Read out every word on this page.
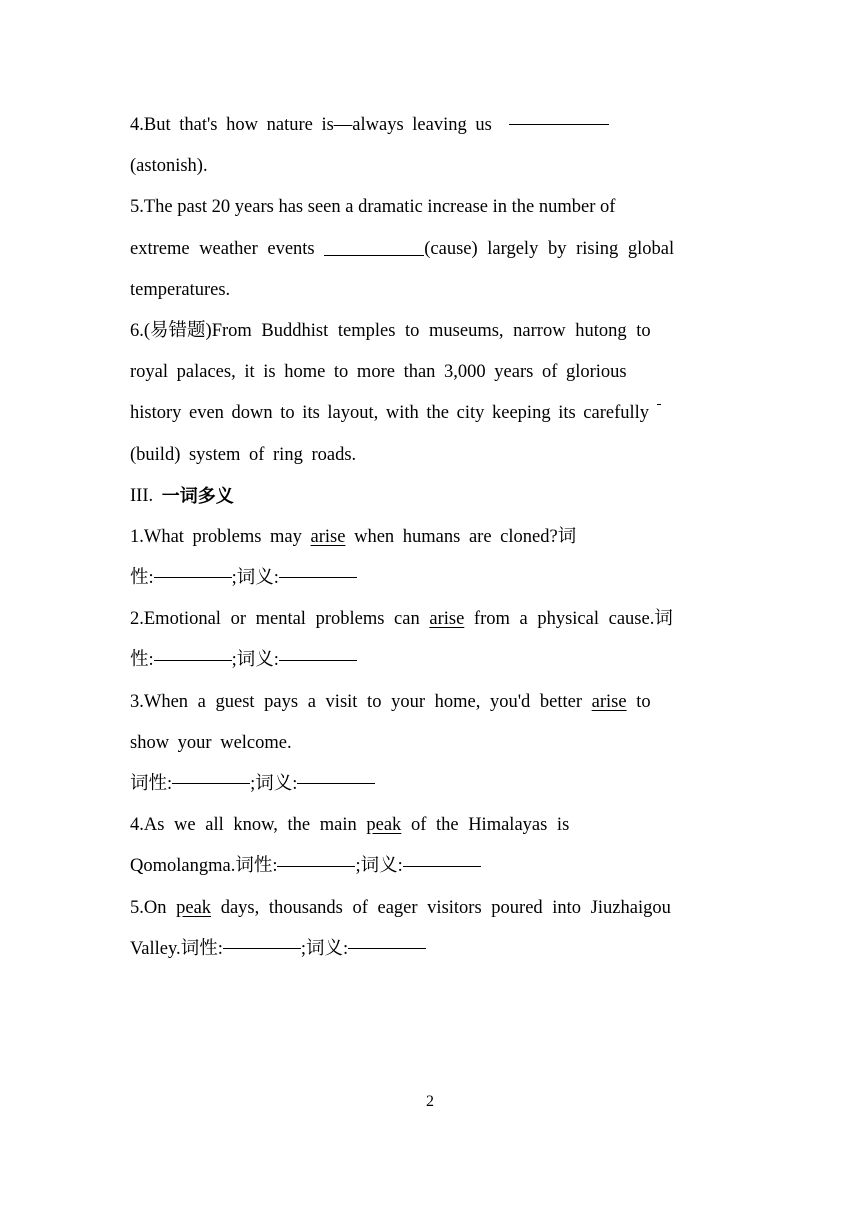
4. But that's how nature is—always leaving us

(astonish).
5.The past 20 years has seen a dramatic increase in the number of
extreme weather events	(cause) largely by rising global
temperatures.
6.(易错题)From Buddhist temples to museums, narrow hutong to
royal palaces, it is home to more than 3,000 years of glorious
history even down to its layout, with the city keeping its carefully
(build) system of ring roads.
III.
一词多义
1.What problems may arise when humans are cloned?词
性:	;词义:
2.Emotional or mental problems can arise from a physical cause.词
性:	;词义:
3.When a guest pays a visit to your home, you'd better arise to
show your welcome.
词性:	;词义:
4.As we all know, the main peak of the Himalayas is
Qomolangma. 词性:	;词义:
5.On peak days, thousands of eager visitors poured into Jiuzhaigou
Valley. 词性:	;词义:
2
